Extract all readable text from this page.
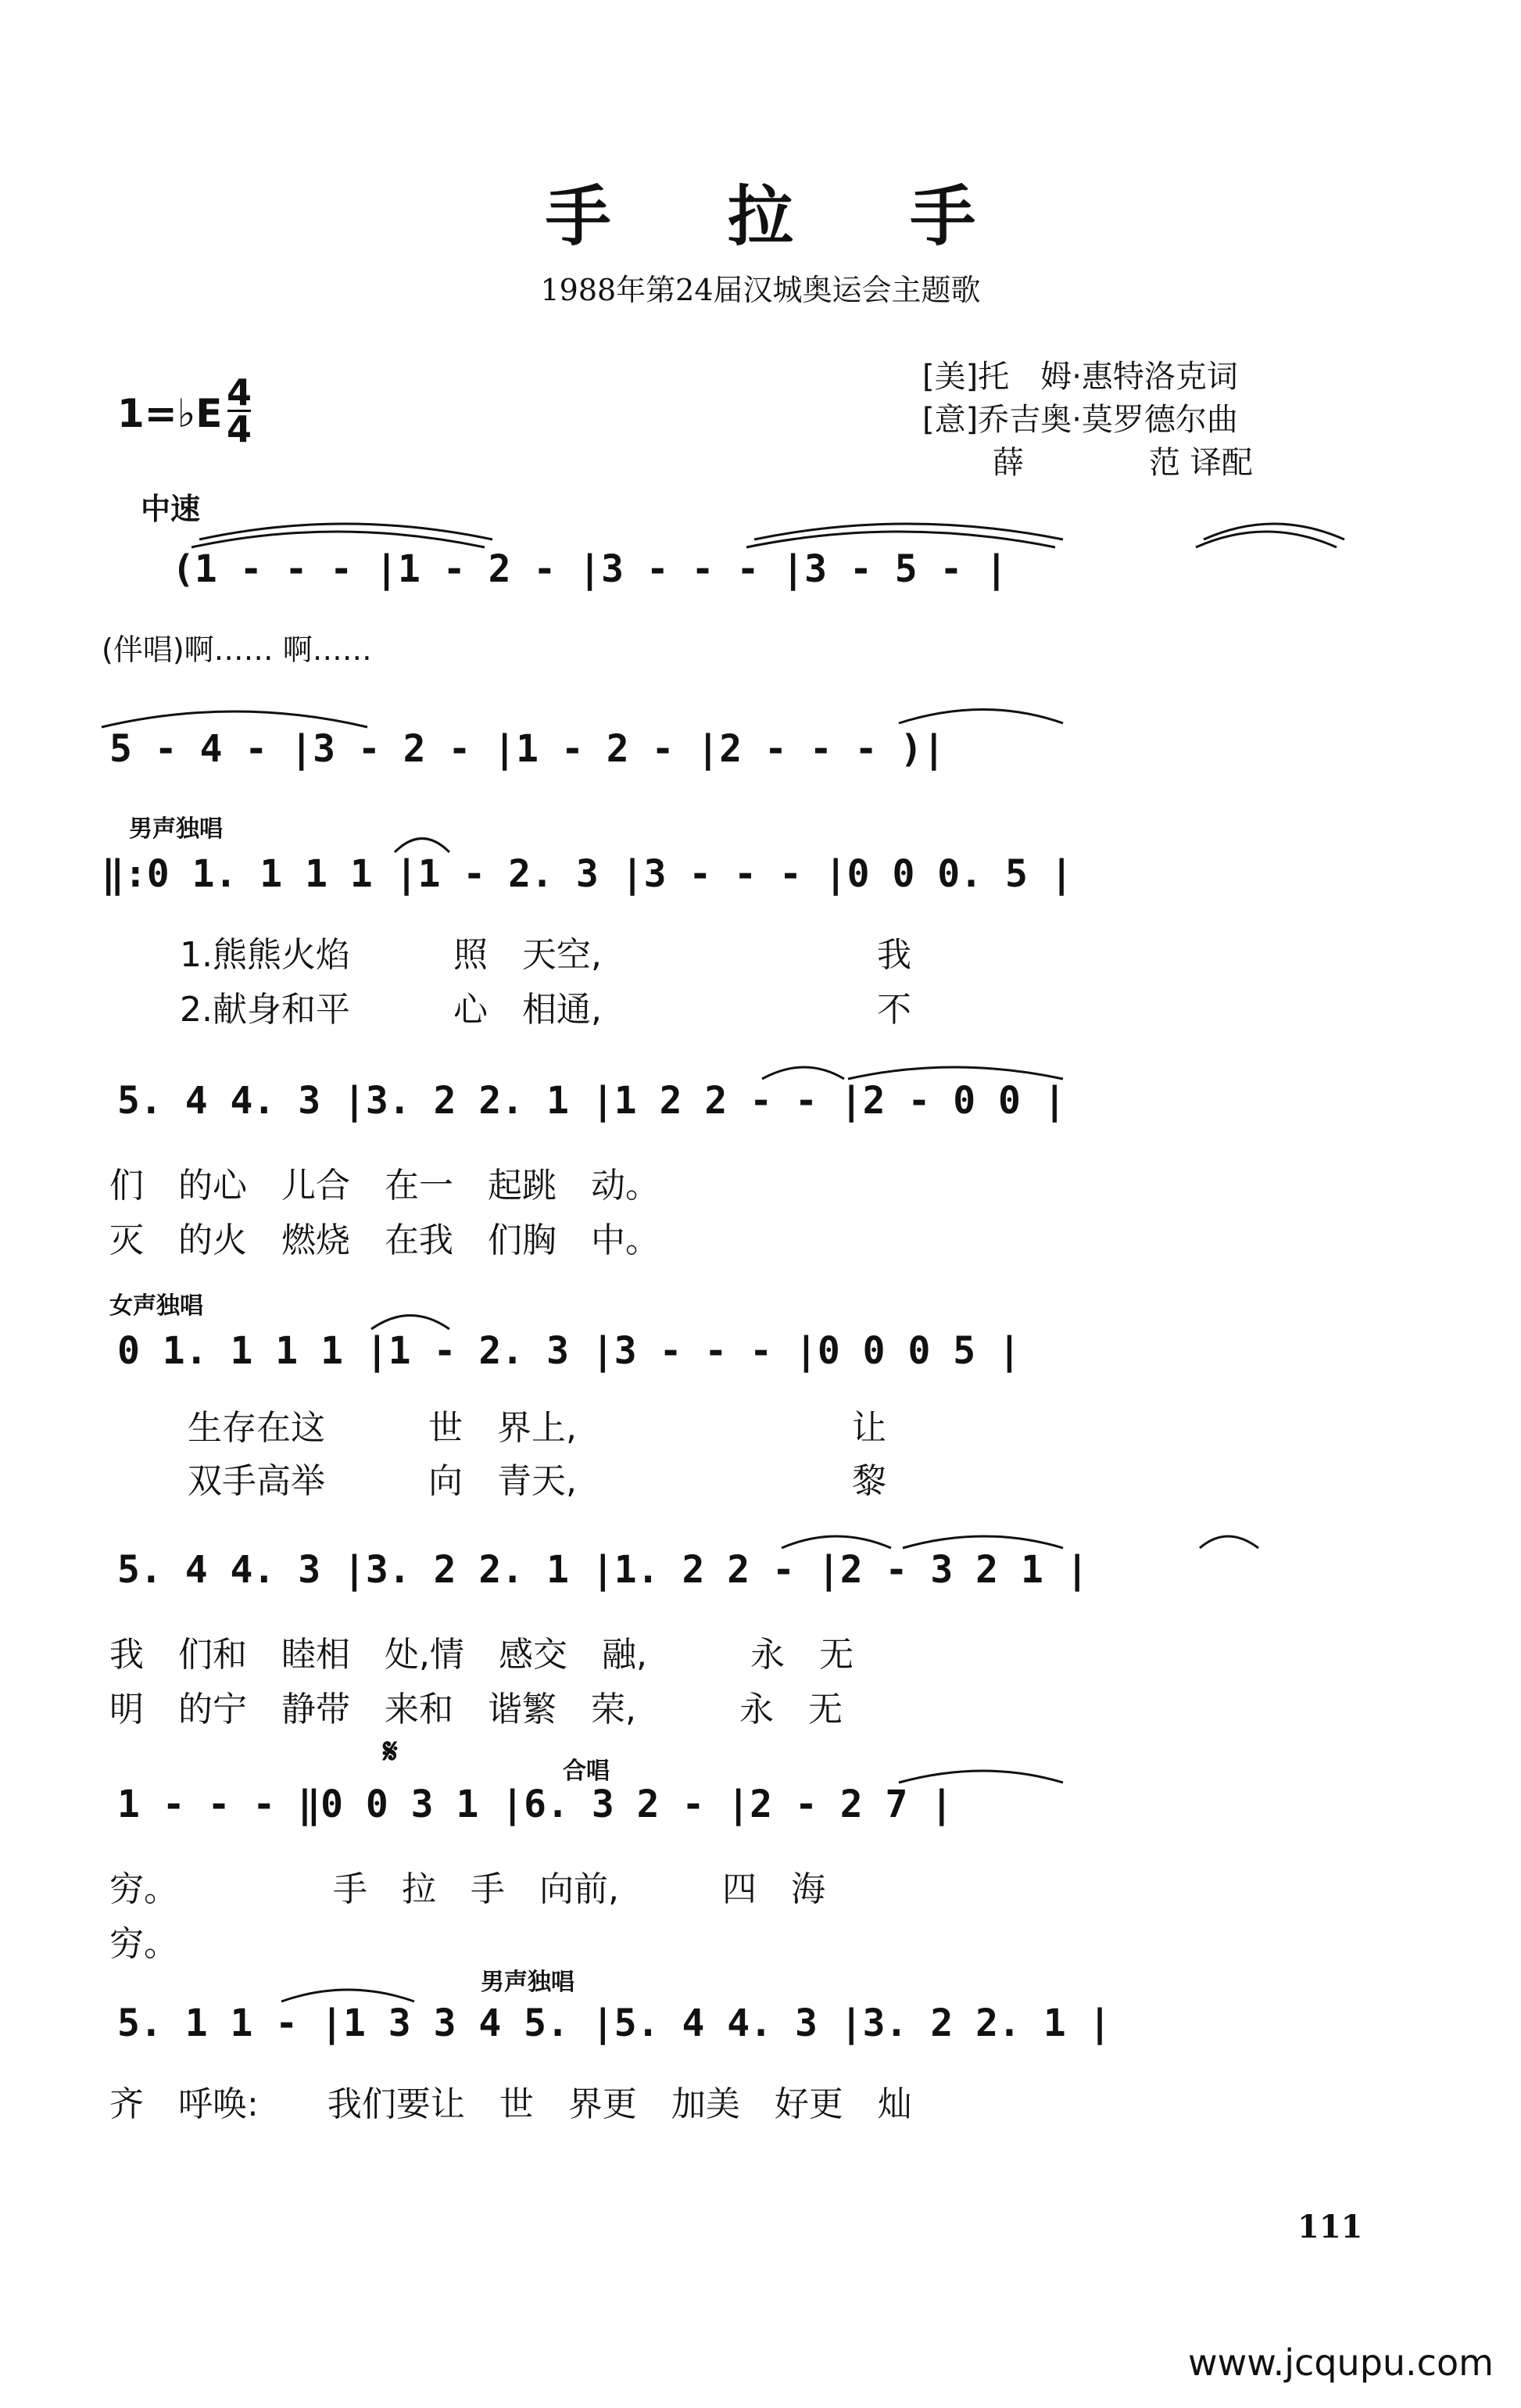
手 拉 手
1988年第24届汉城奥运会主题歌
[美]托　姆·惠特洛克词
[意]乔吉奥·莫罗德尔曲
薛　　　　范 译配
1=♭E 4
4
中速
(1 - - - |1 - 2 - |3 - - - |3 - 5 - |
(伴唱)啊…… 啊……
5 - 4 - |3 - 2 - |1 - 2 - |2 - - - )|
男声独唱
‖:0 1. 1 1 1 |1 - 2. 3 |3 - - - |0 0 0. 5 |
1.熊熊火焰　　　照　天空,　　　　　　　　我
2.献身和平　　　心　相通,　　　　　　　　不
5. 4 4. 3 |3. 2 2. 1 |1 2 2 - - |2 - 0 0 |
们　的心　儿合　在一　起跳　动。
灭　的火　燃烧　在我　们胸　中。
女声独唱
0 1. 1 1 1 |1 - 2. 3 |3 - - - |0 0 0 5 |
生存在这　　　世　界上,　　　　　　　　让
双手高举　　　向　青天,　　　　　　　　黎
5. 4 4. 3 |3. 2 2. 1 |1. 2 2 - |2 - 3 2 1 |
我　们和　睦相　处,情　感交　融,　　　永　无
明　的宁　静带　来和　谐繁　荣,　　　永　无
𝄋	合唱
1 - - - ‖0 0 3 1 |6. 3 2 - |2 - 2 7 |
穷。　　　　　手　拉　手　向前,　　　四　海
穷。
男声独唱
5. 1 1 - |1 3 3 4 5. |5. 4 4. 3 |3. 2 2. 1 |
齐　呼唤:　　我们要让　世　界更　加美　好更　灿
111
www.jcqupu.com
